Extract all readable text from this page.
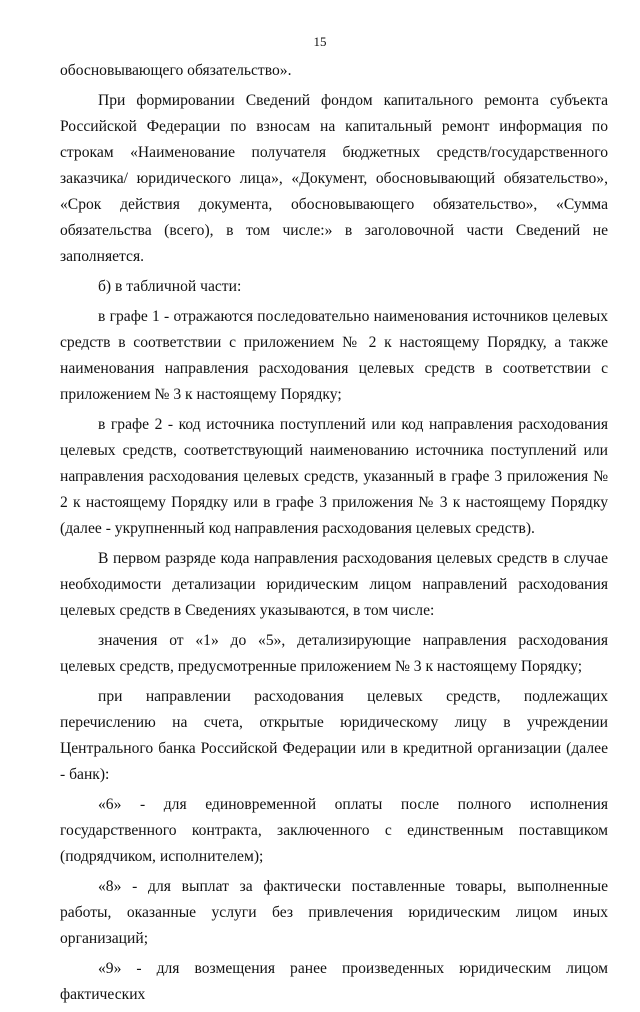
15

обосновывающего обязательство».

При формировании Сведений фондом капитального ремонта субъекта Российской Федерации по взносам на капитальный ремонт информация по строкам «Наименование получателя бюджетных средств/государственного заказчика/ юридического лица», «Документ, обосновывающий обязательство», «Срок действия документа, обосновывающего обязательство», «Сумма обязательства (всего), в том числе:» в заголовочной части Сведений не заполняется.

б) в табличной части:

в графе 1 - отражаются последовательно наименования источников целевых средств в соответствии с приложением № 2 к настоящему Порядку, а также наименования направления расходования целевых средств в соответствии с приложением № 3 к настоящему Порядку;

в графе 2 - код источника поступлений или код направления расходования целевых средств, соответствующий наименованию источника поступлений или направления расходования целевых средств, указанный в графе 3 приложения № 2 к настоящему Порядку или в графе 3 приложения № 3 к настоящему Порядку (далее - укрупненный код направления расходования целевых средств).

В первом разряде кода направления расходования целевых средств в случае необходимости детализации юридическим лицом направлений расходования целевых средств в Сведениях указываются, в том числе:

значения от «1» до «5», детализирующие направления расходования целевых средств, предусмотренные приложением № 3 к настоящему Порядку;

при направлении расходования целевых средств, подлежащих перечислению на счета, открытые юридическому лицу в учреждении Центрального банка Российской Федерации или в кредитной организации (далее - банк):

«6» - для единовременной оплаты после полного исполнения государственного контракта, заключенного с единственным поставщиком (подрядчиком, исполнителем);

«8» - для выплат за фактически поставленные товары, выполненные работы, оказанные услуги без привлечения юридическим лицом иных организаций;

«9» - для возмещения ранее произведенных юридическим лицом фактических
